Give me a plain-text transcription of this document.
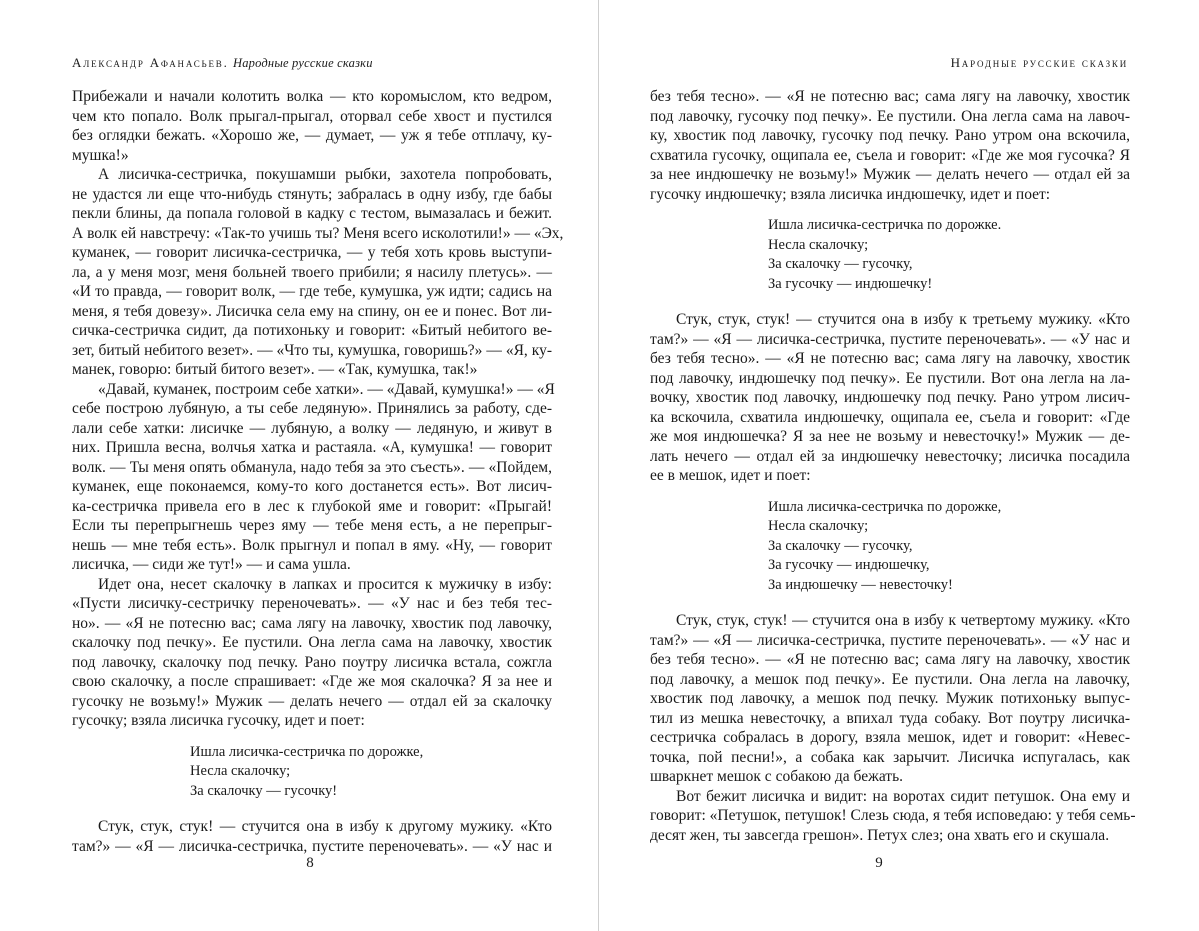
Александр Афанасьев. Народные русские сказки
Прибежали и начали колотить волка — кто коромыслом, кто ведром,
чем кто попало. Волк прыгал-прыгал, оторвал себе хвост и пустился
без оглядки бежать. «Хорошо же, — думает, — уж я тебе отплачу, ку-
мушка!»
А лисичка-сестричка, покушамши рыбки, захотела попробовать,
не удастся ли еще что-нибудь стянуть; забралась в одну избу, где бабы
пекли блины, да попала головой в кадку с тестом, вымазалась и бежит.
А волк ей навстречу: «Так-то учишь ты? Меня всего исколотили!» — «Эх,
куманек, — говорит лисичка-сестричка, — у тебя хоть кровь выступи-
ла, а у меня мозг, меня больней твоего прибили; я насилу плетусь». —
«И то правда, — говорит волк, — где тебе, кумушка, уж идти; садись на
меня, я тебя довезу». Лисичка села ему на спину, он ее и понес. Вот ли-
сичка-сестричка сидит, да потихоньку и говорит: «Битый небитого ве-
зет, битый небитого везет». — «Что ты, кумушка, говоришь?» — «Я, ку-
манек, говорю: битый битого везет». — «Так, кумушка, так!»
«Давай, куманек, построим себе хатки». — «Давай, кумушка!» — «Я
себе построю лубяную, а ты себе ледяную». Принялись за работу, сде-
лали себе хатки: лисичке — лубяную, а волку — ледяную, и живут в
них. Пришла весна, волчья хатка и растаяла. «А, кумушка! — говорит
волк. — Ты меня опять обманула, надо тебя за это съесть». — «Пойдем,
куманек, еще поконаемся, кому-то кого достанется есть». Вот лисич-
ка-сестричка привела его в лес к глубокой яме и говорит: «Прыгай!
Если ты перепрыгнешь через яму — тебе меня есть, а не перепрыг-
нешь — мне тебя есть». Волк прыгнул и попал в яму. «Ну, — говорит
лисичка, — сиди же тут!» — и сама ушла.
Идет она, несет скалочку в лапках и просится к мужичку в избу:
«Пусти лисичку-сестричку переночевать». — «У нас и без тебя тес-
но». — «Я не потесню вас; сама лягу на лавочку, хвостик под лавочку,
скалочку под печку». Ее пустили. Она легла сама на лавочку, хвостик
под лавочку, скалочку под печку. Рано поутру лисичка встала, сожгла
свою скалочку, а после спрашивает: «Где же моя скалочка? Я за нее и
гусочку не возьму!» Мужик — делать нечего — отдал ей за скалочку
гусочку; взяла лисичка гусочку, идет и поет:
Ишла лисичка-сестричка по дорожке,
Несла скалочку;
За скалочку — гусочку!
Стук, стук, стук! — стучится она в избу к другому мужику. «Кто
там?» — «Я — лисичка-сестричка, пустите переночевать». — «У нас и
8
Народные русские сказки
без тебя тесно». — «Я не потесню вас; сама лягу на лавочку, хвостик
под лавочку, гусочку под печку». Ее пустили. Она легла сама на лавоч-
ку, хвостик под лавочку, гусочку под печку. Рано утром она вскочила,
схватила гусочку, ощипала ее, съела и говорит: «Где же моя гусочка? Я
за нее индюшечку не возьму!» Мужик — делать нечего — отдал ей за
гусочку индюшечку; взяла лисичка индюшечку, идет и поет:
Ишла лисичка-сестричка по дорожке.
Несла скалочку;
За скалочку — гусочку,
За гусочку — индюшечку!
Стук, стук, стук! — стучится она в избу к третьему мужику. «Кто
там?» — «Я — лисичка-сестричка, пустите переночевать». — «У нас и
без тебя тесно». — «Я не потесню вас; сама лягу на лавочку, хвостик
под лавочку, индюшечку под печку». Ее пустили. Вот она легла на ла-
вочку, хвостик под лавочку, индюшечку под печку. Рано утром лисич-
ка вскочила, схватила индюшечку, ощипала ее, съела и говорит: «Где
же моя индюшечка? Я за нее не возьму и невесточку!» Мужик — де-
лать нечего — отдал ей за индюшечку невесточку; лисичка посадила
ее в мешок, идет и поет:
Ишла лисичка-сестричка по дорожке,
Несла скалочку;
За скалочку — гусочку,
За гусочку — индюшечку,
За индюшечку — невесточку!
Стук, стук, стук! — стучится она в избу к четвертому мужику. «Кто
там?» — «Я — лисичка-сестричка, пустите переночевать». — «У нас и
без тебя тесно». — «Я не потесню вас; сама лягу на лавочку, хвостик
под лавочку, а мешок под печку». Ее пустили. Она легла на лавочку,
хвостик под лавочку, а мешок под печку. Мужик потихоньку выпус-
тил из мешка невесточку, а впихал туда собаку. Вот поутру лисичка-
сестричка собралась в дорогу, взяла мешок, идет и говорит: «Невес-
точка, пой песни!», а собака как зарычит. Лисичка испугалась, как
шваркнет мешок с собакою да бежать.
Вот бежит лисичка и видит: на воротах сидит петушок. Она ему и
говорит: «Петушок, петушок! Слезь сюда, я тебя исповедаю: у тебя семь-
десят жен, ты завсегда грешон». Петух слез; она хвать его и скушала.
9
